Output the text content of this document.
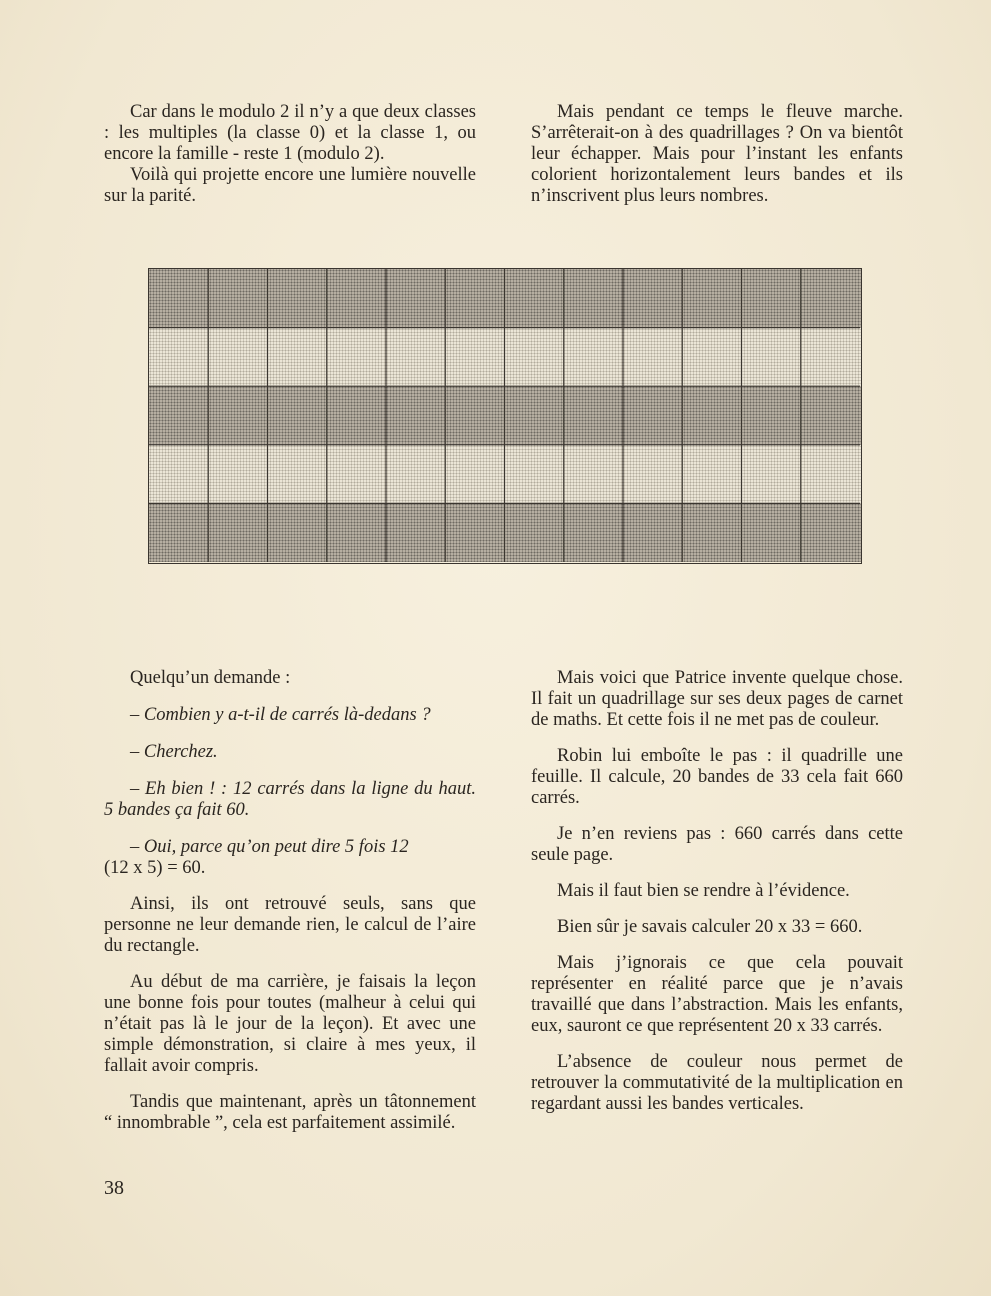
Car dans le modulo 2 il n’y a que deux classes : les multiples (la classe 0) et la classe 1, ou encore la famille - reste 1 (modulo 2).

Voilà qui projette encore une lumière nouvelle sur la parité.

Mais pendant ce temps le fleuve marche. S’arrêterait-on à des quadrillages ? On va bientôt leur échapper. Mais pour l’instant les enfants colorient horizontalement leurs bandes et ils n’inscrivent plus leurs nombres.

Quelqu’un demande :

– Combien y a-t-il de carrés là-dedans ?

– Cherchez.

– Eh bien ! : 12 carrés dans la ligne du haut. 5 bandes ça fait 60.

– Oui, parce qu’on peut dire 5 fois 12

(12 x 5) = 60.

Ainsi, ils ont retrouvé seuls, sans que personne ne leur demande rien, le calcul de l’aire du rectangle.

Au début de ma carrière, je faisais la leçon une bonne fois pour toutes (malheur à celui qui n’était pas là le jour de la leçon). Et avec une simple démonstration, si claire à mes yeux, il fallait avoir compris.

Tandis que maintenant, après un tâtonnement “ innombrable ”, cela est parfaitement assimilé.

Mais voici que Patrice invente quelque chose. Il fait un quadrillage sur ses deux pages de carnet de maths. Et cette fois il ne met pas de couleur.

Robin lui emboîte le pas : il quadrille une feuille. Il calcule, 20 bandes de 33 cela fait 660 carrés.

Je n’en reviens pas : 660 carrés dans cette seule page.

Mais il faut bien se rendre à l’évidence.

Bien sûr je savais calculer 20 x 33 = 660.

Mais j’ignorais ce que cela pouvait représenter en réalité parce que je n’avais travaillé que dans l’abstraction. Mais les enfants, eux, sauront ce que représentent 20 x 33 carrés.

L’absence de couleur nous permet de retrouver la commutativité de la multiplication en regardant aussi les bandes verticales.

38
